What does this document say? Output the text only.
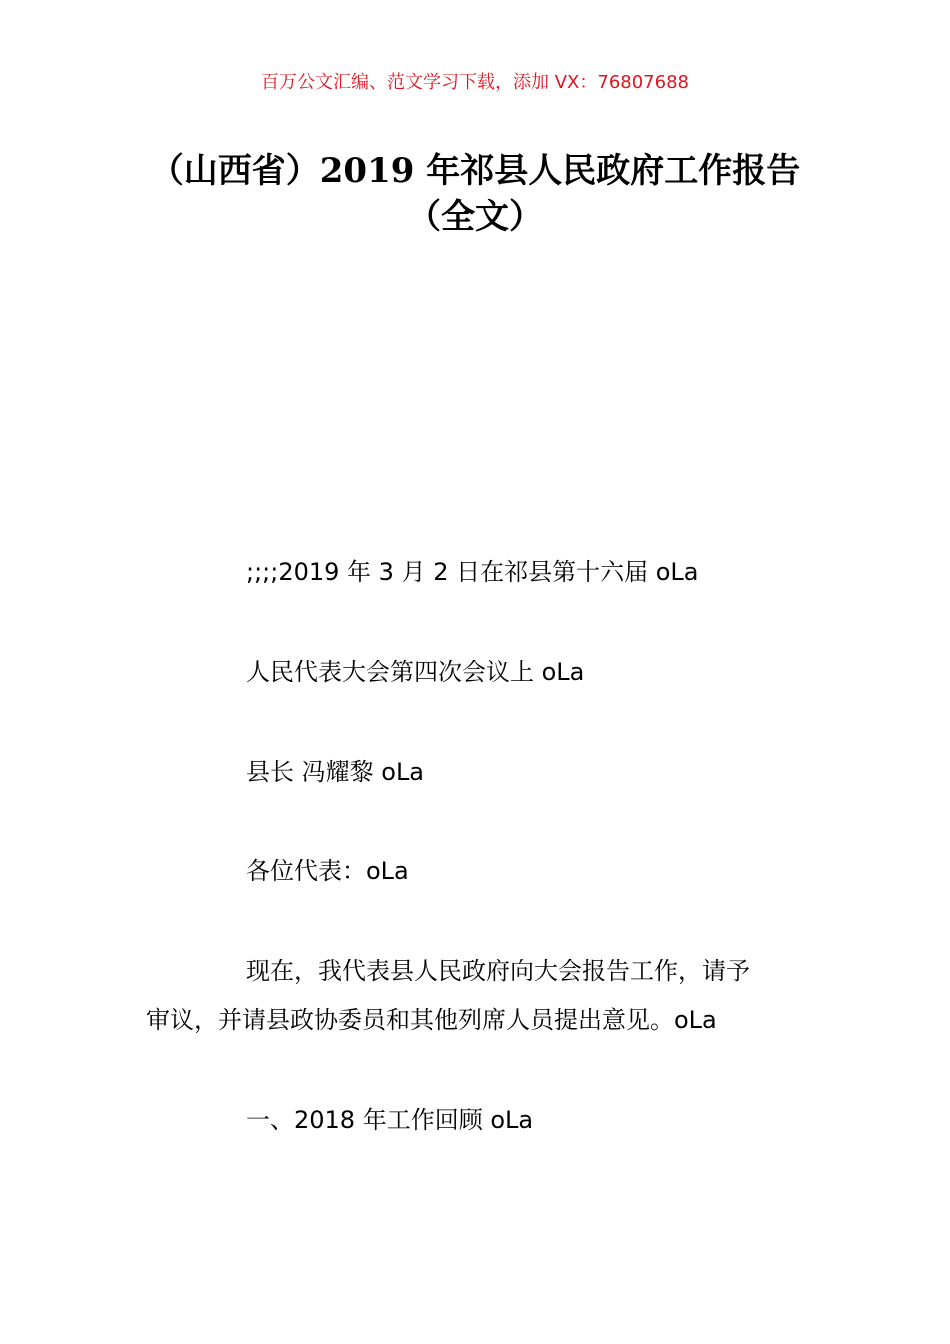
百万公文汇编、范文学习下载，添加 VX：76807688
（山西省）2019 年祁县人民政府工作报告
（全文）
;;;;2019 年 3 月 2 日在祁县第十六届 oLa
人民代表大会第四次会议上 oLa
县长 冯耀黎 oLa
各位代表：oLa
现在，我代表县人民政府向大会报告工作，请予
审议，并请县政协委员和其他列席人员提出意见。oLa
一、2018 年工作回顾 oLa
